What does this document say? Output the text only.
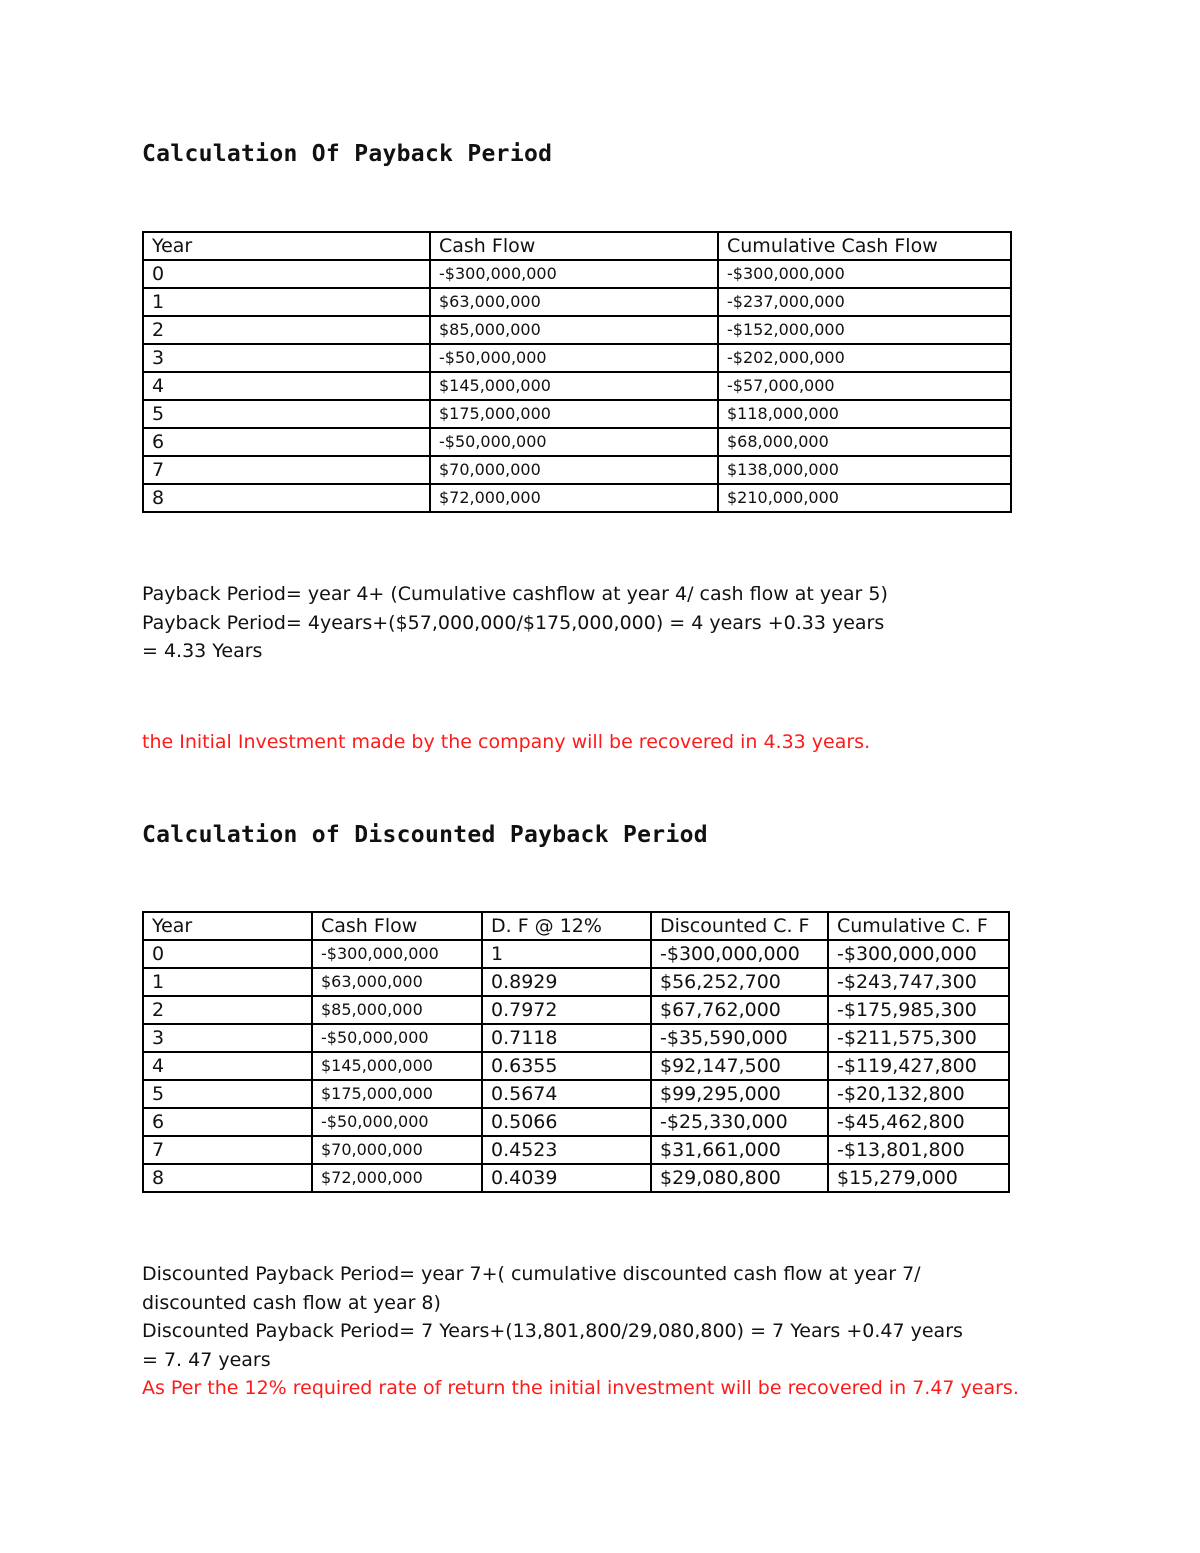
Calculation Of Payback Period
Year	Cash Flow	Cumulative Cash Flow
0	-$300,000,000	-$300,000,000
1	$63,000,000	-$237,000,000
2	$85,000,000	-$152,000,000
3	-$50,000,000	-$202,000,000
4	$145,000,000	-$57,000,000
5	$175,000,000	$118,000,000
6	-$50,000,000	$68,000,000
7	$70,000,000	$138,000,000
8	$72,000,000	$210,000,000
Payback Period= year 4+ (Cumulative cashflow at year 4/ cash flow at year 5)
Payback Period= 4years+($57,000,000/$175,000,000) = 4 years +0.33 years
= 4.33 Years

the Initial Investment made by the company will be recovered in 4.33 years.

Calculation of Discounted Payback Period
Year	Cash Flow	D. F @ 12%	Discounted C. F	Cumulative C. F
0	-$300,000,000	1	-$300,000,000	-$300,000,000
1	$63,000,000	0.8929	$56,252,700	-$243,747,300
2	$85,000,000	0.7972	$67,762,000	-$175,985,300
3	-$50,000,000	0.7118	-$35,590,000	-$211,575,300
4	$145,000,000	0.6355	$92,147,500	-$119,427,800
5	$175,000,000	0.5674	$99,295,000	-$20,132,800
6	-$50,000,000	0.5066	-$25,330,000	-$45,462,800
7	$70,000,000	0.4523	$31,661,000	-$13,801,800
8	$72,000,000	0.4039	$29,080,800	$15,279,000
Discounted Payback Period= year 7+( cumulative discounted cash flow at year 7/
discounted cash flow at year 8)
Discounted Payback Period= 7 Years+(13,801,800/29,080,800) = 7 Years +0.47 years
= 7. 47 years
As Per the 12% required rate of return the initial investment will be recovered in 7.47 years.
